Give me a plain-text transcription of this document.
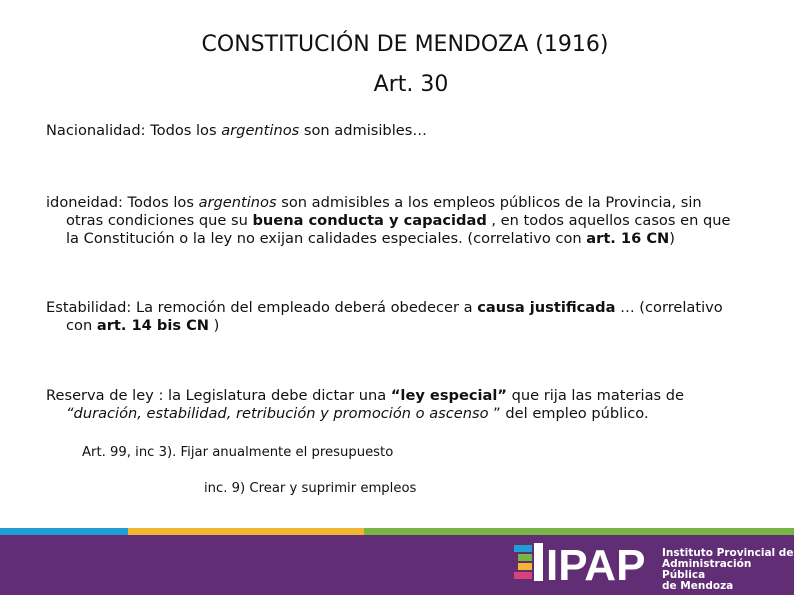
CONSTITUCIÓN DE MENDOZA (1916)
Art. 30
Nacionalidad: Todos los argentinos son admisibles…
idoneidad: Todos los argentinos son admisibles a los empleos públicos de la Provincia, sin
otras condiciones que su buena conducta y capacidad , en todos aquellos casos en que
la Constitución o la ley no exijan calidades especiales. (correlativo con art. 16 CN)
Estabilidad: La remoción del empleado deberá obedecer a causa justificada … (correlativo
con art. 14 bis CN )
Reserva de ley : la Legislatura debe dictar una “ley especial” que rija las materias de
“duración, estabilidad, retribución y promoción o ascenso ” del empleo público.
Art. 99, inc 3). Fijar anualmente el presupuesto
inc. 9) Crear y suprimir empleos
IPAP Instituto Provincial de
Administración Pública
de Mendoza
